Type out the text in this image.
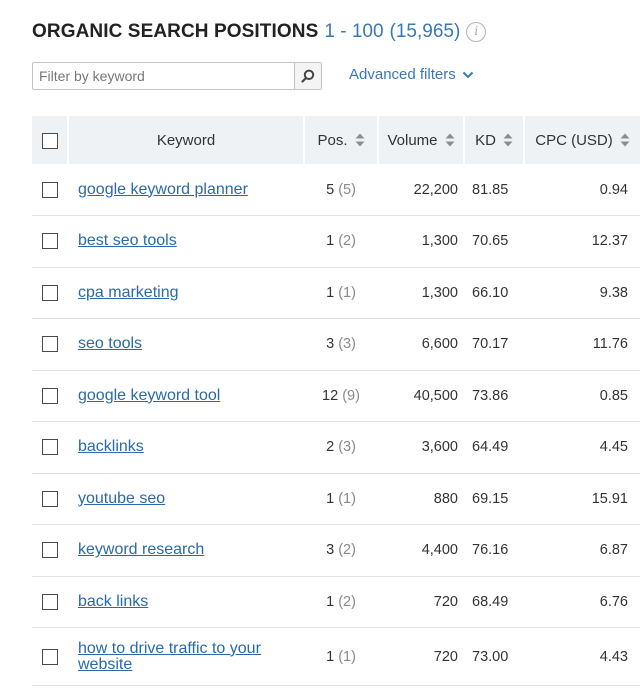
ORGANIC SEARCH POSITIONS 1 - 100 (15,965)	i
Filter by keyword
Advanced filters

	Keyword	Pos.	Volume	KD	CPC (USD)

	google keyword planner	5 (5)	22,200	81.85	0.94
	best seo tools	1 (2)	1,300	70.65	12.37
	cpa marketing	1 (1)	1,300	66.10	9.38
	seo tools	3 (3)	6,600	70.17	11.76
	google keyword tool	12 (9)	40,500	73.86	0.85
	backlinks	2 (3)	3,600	64.49	4.45
	youtube seo	1 (1)	880	69.15	15.91
	keyword research	3 (2)	4,400	76.16	6.87
	back links	1 (2)	720	68.49	6.76
	how to drive traffic to your website	1 (1)	720	73.00	4.43
